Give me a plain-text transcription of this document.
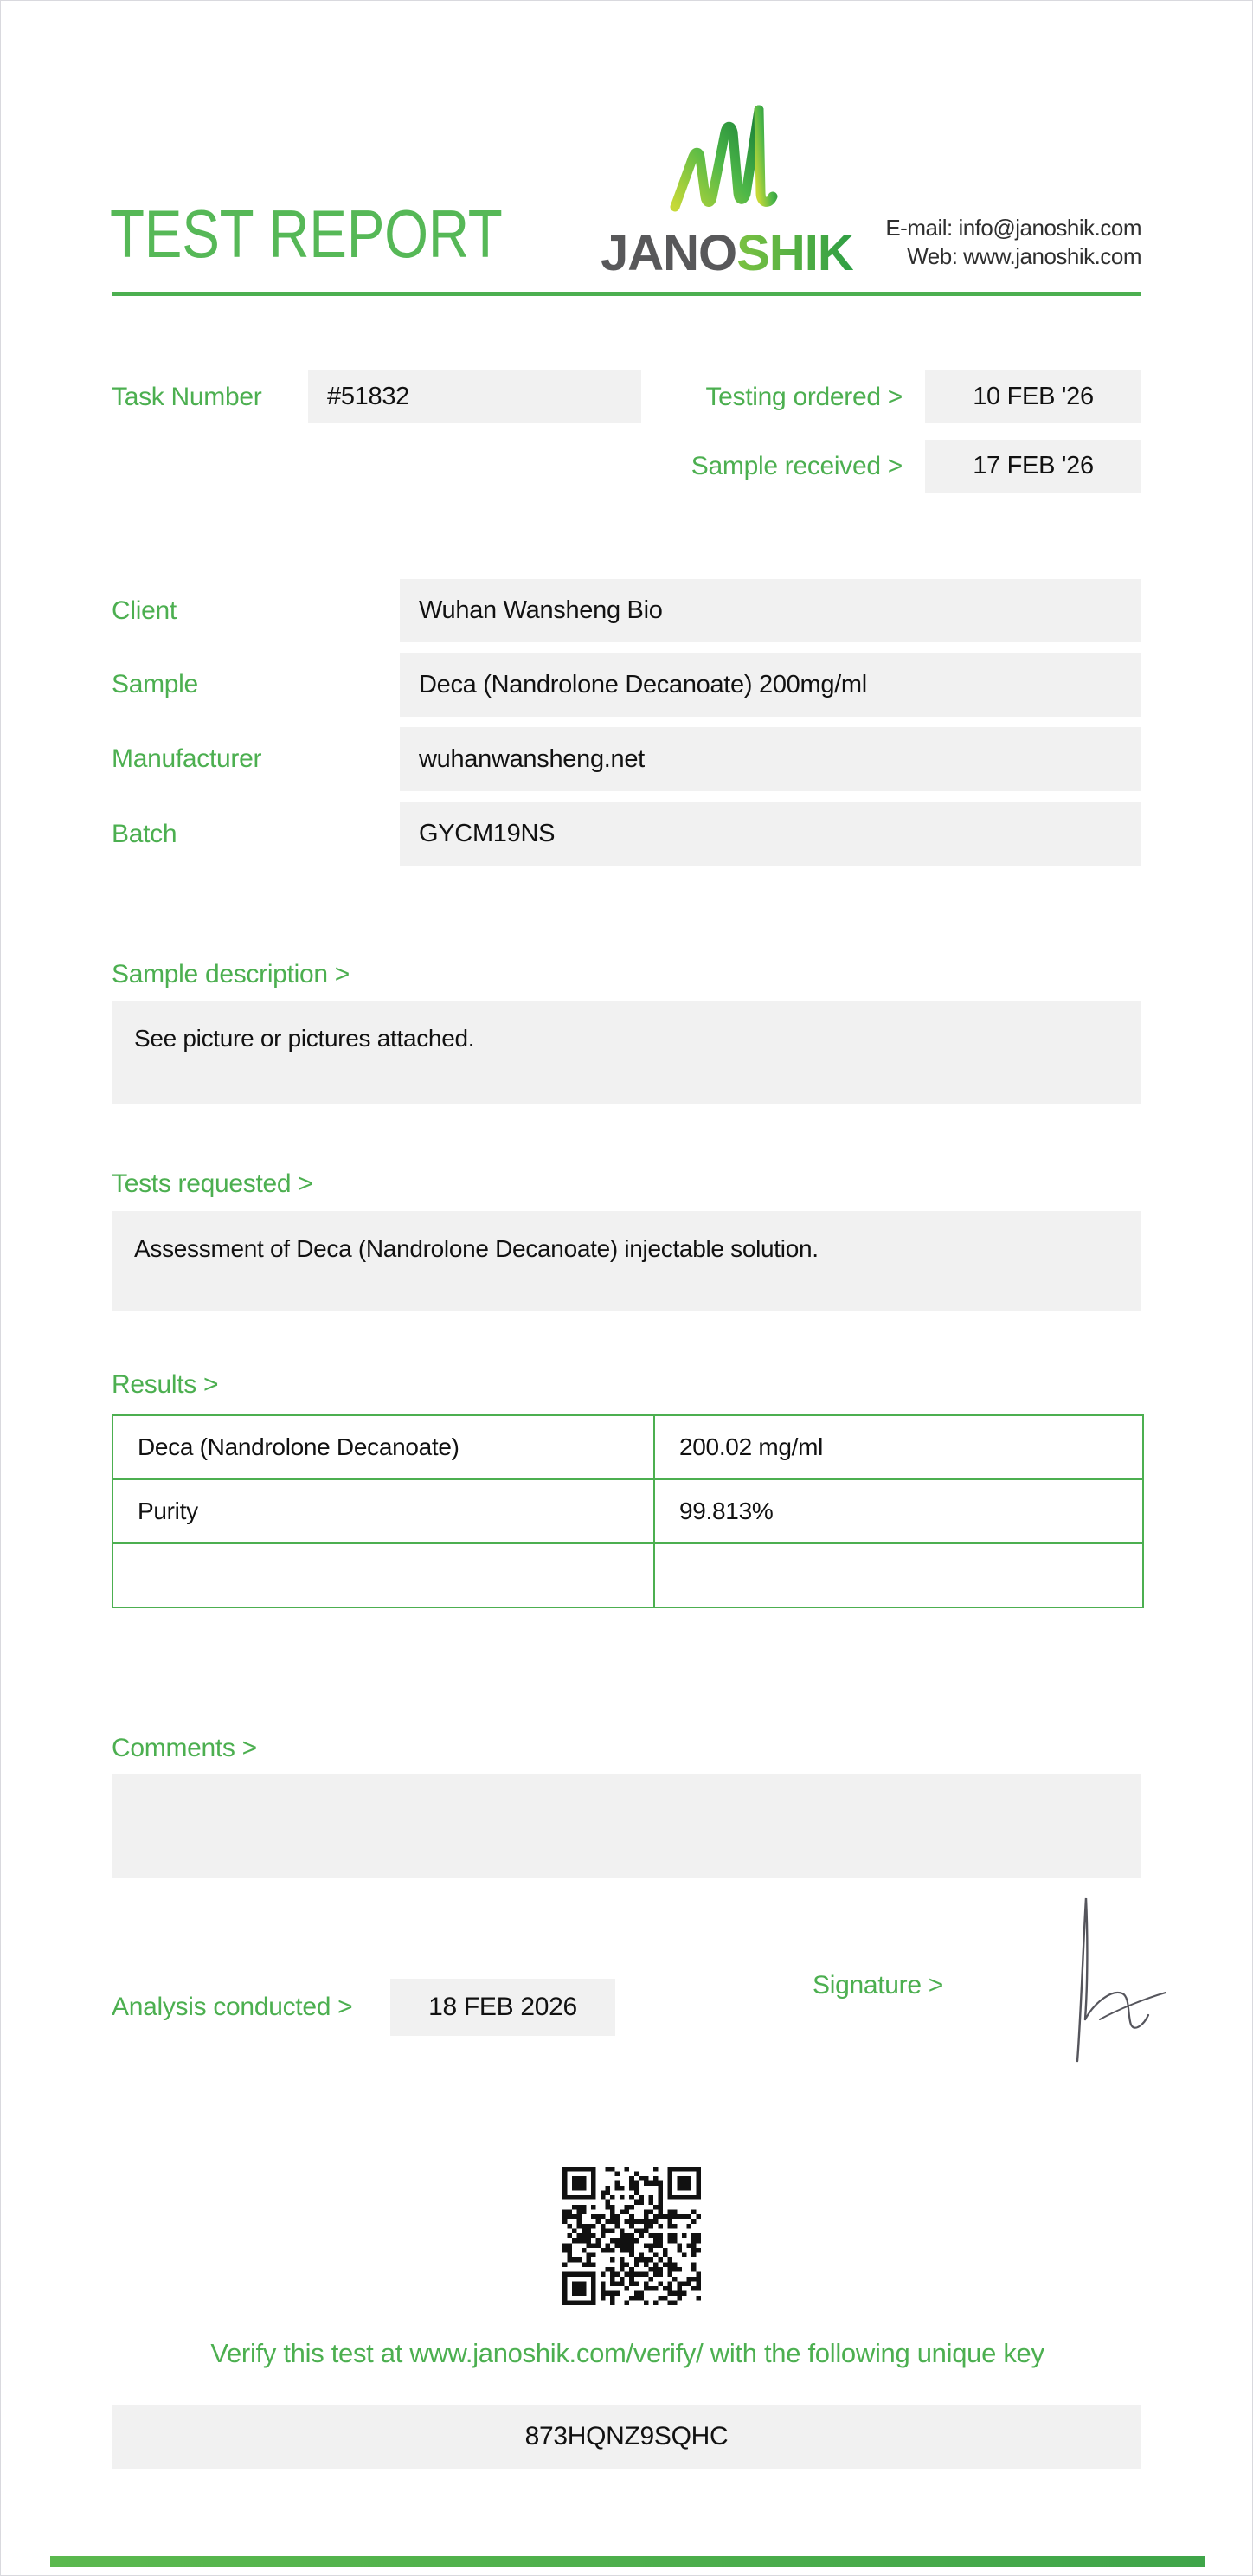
TEST REPORT JANOSHIK E-mail: info@janoshik.com
Web: www.janoshik.com
Task Number	#51832	Testing ordered >	10 FEB '26
Sample received >	17 FEB '26
Client	Wuhan Wansheng Bio
Sample	Deca (Nandrolone Decanoate) 200mg/ml
Manufacturer	wuhanwansheng.net
Batch	GYCM19NS
Sample description >
See picture or pictures attached.
Tests requested >
Assessment of Deca (Nandrolone Decanoate) injectable solution.
Results >
Deca (Nandrolone Decanoate)	200.02 mg/ml
Purity	99.813%

Comments >
Analysis conducted >	18 FEB 2026
Signature >
Verify this test at www.janoshik.com/verify/ with the following unique key
873HQNZ9SQHC
